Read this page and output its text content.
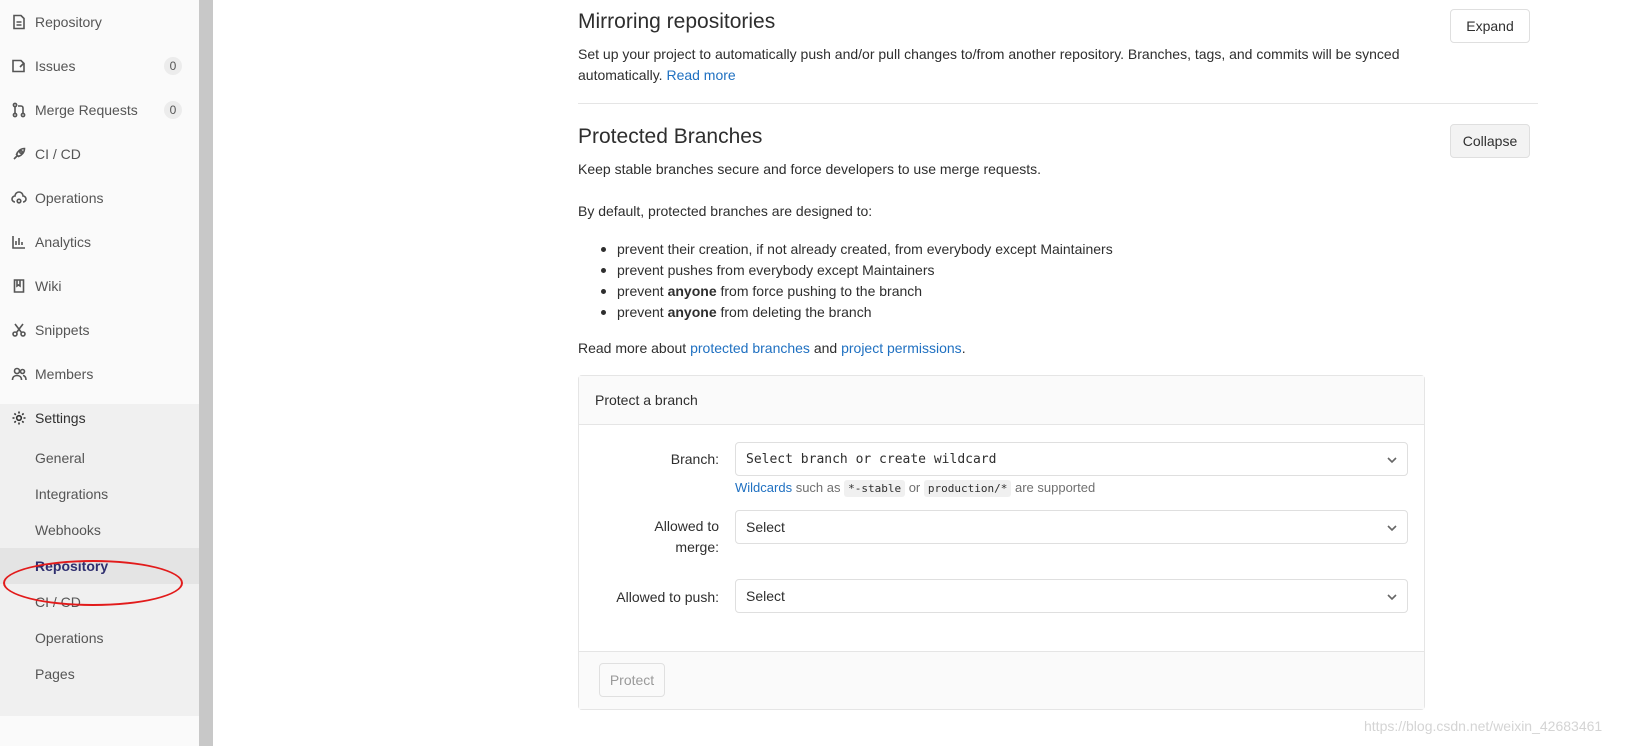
Repository
Issues	0
Merge Requests	0
CI / CD
Operations
Analytics
Wiki
Snippets
Members
Settings
General
Integrations
Webhooks
Repository
CI / CD
Operations
Pages
Mirroring repositories	Expand
Set up your project to automatically push and/or pull changes to/from another repository. Branches, tags, and commits will be synced automatically. Read more
Protected Branches	Collapse
Keep stable branches secure and force developers to use merge requests.
By default, protected branches are designed to:
prevent their creation, if not already created, from everybody except Maintainers
prevent pushes from everybody except Maintainers
prevent anyone from force pushing to the branch
prevent anyone from deleting the branch
Read more about protected branches and project permissions.
Protect a branch
Branch: Select branch or create wildcard
Wildcards such as *-stable or production/* are supported
Allowed to
merge:
Select
Allowed to push: Select
Protect
https://blog.csdn.net/weixin_42683461
